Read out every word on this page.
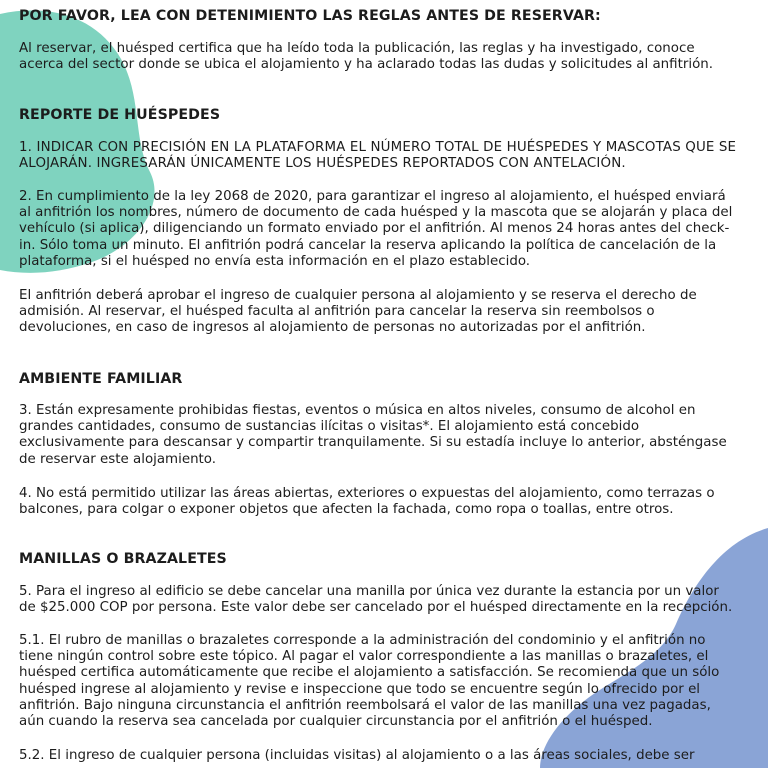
POR FAVOR, LEA CON DETENIMIENTO LAS REGLAS ANTES DE RESERVAR:

Al reservar, el huésped certifica que ha leído toda la publicación, las reglas y ha investigado, conoce acerca del sector donde se ubica el alojamiento y ha aclarado todas las dudas y solicitudes al anfitrión.

REPORTE DE HUÉSPEDES

1. INDICAR CON PRECISIÓN EN LA PLATAFORMA EL NÚMERO TOTAL DE HUÉSPEDES Y MASCOTAS QUE SE ALOJARÁN. INGRESARÁN ÚNICAMENTE LOS HUÉSPEDES REPORTADOS CON ANTELACIÓN.

2. En cumplimiento de la ley 2068 de 2020, para garantizar el ingreso al alojamiento, el huésped enviará al anfitrión los nombres, número de documento de cada huésped y la mascota que se alojarán y placa del vehículo (si aplica), diligenciando un formato enviado por el anfitrión. Al menos 24 horas antes del check-in. Sólo toma un minuto. El anfitrión podrá cancelar la reserva aplicando la política de cancelación de la plataforma, si el huésped no envía esta información en el plazo establecido.

El anfitrión deberá aprobar el ingreso de cualquier persona al alojamiento y se reserva el derecho de admisión. Al reservar, el huésped faculta al anfitrión para cancelar la reserva sin reembolsos o devoluciones, en caso de ingresos al alojamiento de personas no autorizadas por el anfitrión.

AMBIENTE FAMILIAR

3. Están expresamente prohibidas fiestas, eventos o música en altos niveles, consumo de alcohol en grandes cantidades, consumo de sustancias ilícitas o visitas*. El alojamiento está concebido exclusivamente para descansar y compartir tranquilamente. Si su estadía incluye lo anterior, absténgase de reservar este alojamiento.

4. No está permitido utilizar las áreas abiertas, exteriores o expuestas del alojamiento, como terrazas o balcones, para colgar o exponer objetos que afecten la fachada, como ropa o toallas, entre otros.

MANILLAS O BRAZALETES

5. Para el ingreso al edificio se debe cancelar una manilla por única vez durante la estancia por un valor de $25.000 COP por persona. Este valor debe ser cancelado por el huésped directamente en la recepción.

5.1. El rubro de manillas o brazaletes corresponde a la administración del condominio y el anfitrión no tiene ningún control sobre este tópico. Al pagar el valor correspondiente a las manillas o brazaletes, el huésped certifica automáticamente que recibe el alojamiento a satisfacción. Se recomienda que un sólo huésped ingrese al alojamiento y revise e inspeccione que todo se encuentre según lo ofrecido por el anfitrión. Bajo ninguna circunstancia el anfitrión reembolsará el valor de las manillas una vez pagadas, aún cuando la reserva sea cancelada por cualquier circunstancia por el anfitrión o el huésped.

5.2. El ingreso de cualquier persona (incluidas visitas) al alojamiento o a las áreas sociales, debe ser
